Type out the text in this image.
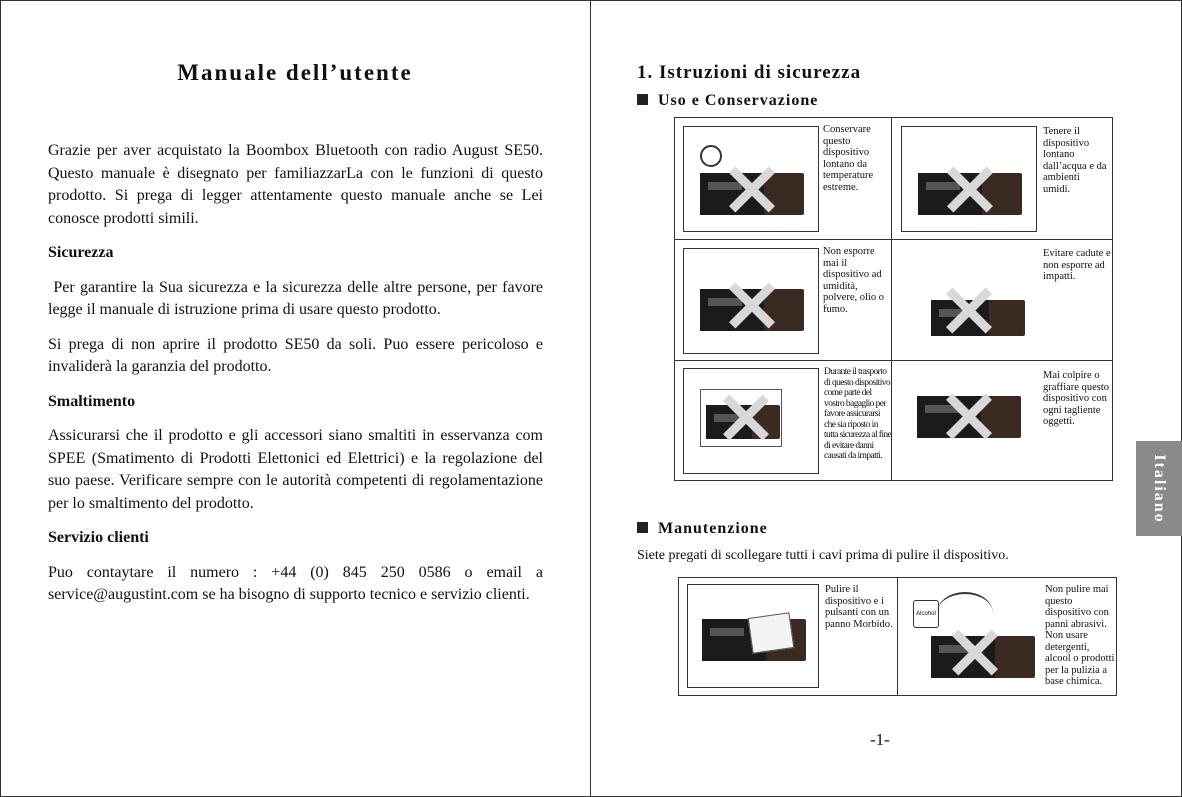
Manuale dell’utente

Grazie per aver acquistato la Boombox Bluetooth con radio August SE50. Questo manuale è disegnato per familiazzarLa con le funzioni di questo prodotto. Si prega di legger attentamente questo manuale anche se Lei conosce prodotti simili.

Sicurezza

Per garantire la Sua sicurezza e la sicurezza delle altre persone, per favore legge il manuale di istruzione prima di usare questo prodotto.

Si prega di non aprire il prodotto SE50 da soli. Puo essere pericoloso e invaliderà la garanzia del prodotto.

Smaltimento

Assicurarsi che il prodotto e gli accessori siano smaltiti in esservanza com SPEE (Smatimento di Prodotti Elettonici ed Elettrici) e la regolazione del suo paese. Verificare sempre con le autorità competenti di regolamentazione per lo smaltimento del prodotto.

Servizio clienti

Puo contaytare il numero : +44 (0) 845 250 0586 o email a service@augustint.com se ha bisogno di supporto tecnico e servizio clienti.

1. Istruzioni di sicurezza
Uso e Conservazione
Conservare questo dispositivo lontano da temperature estreme.
Tenere il dispositivo lontano dall’acqua e da ambienti umidi.
Non esporre mai il dispositivo ad umidità, polvere, olio o fumo.
Evitare cadute e non esporre ad impatti.
Durante il trasporto di questo dispositivo come parte del vostro bagaglio per favore assicurarsi che sia riposto in tutta sicurezza al fine di evitare danni causati da impatti.
Mai colpire o graffiare questo dispositivo con ogni tagliente oggetti.
Manutenzione
Siete pregati di scollegare tutti i cavi prima di pulire il dispositivo.
Pulire il dispositivo e i pulsanti con un panno Morbido.
Alcohol
Non pulire mai questo dispositivo con panni abrasivi. Non usare detergenti, alcool o prodotti per la pulizia a base chimica.
-1-
Italiano
